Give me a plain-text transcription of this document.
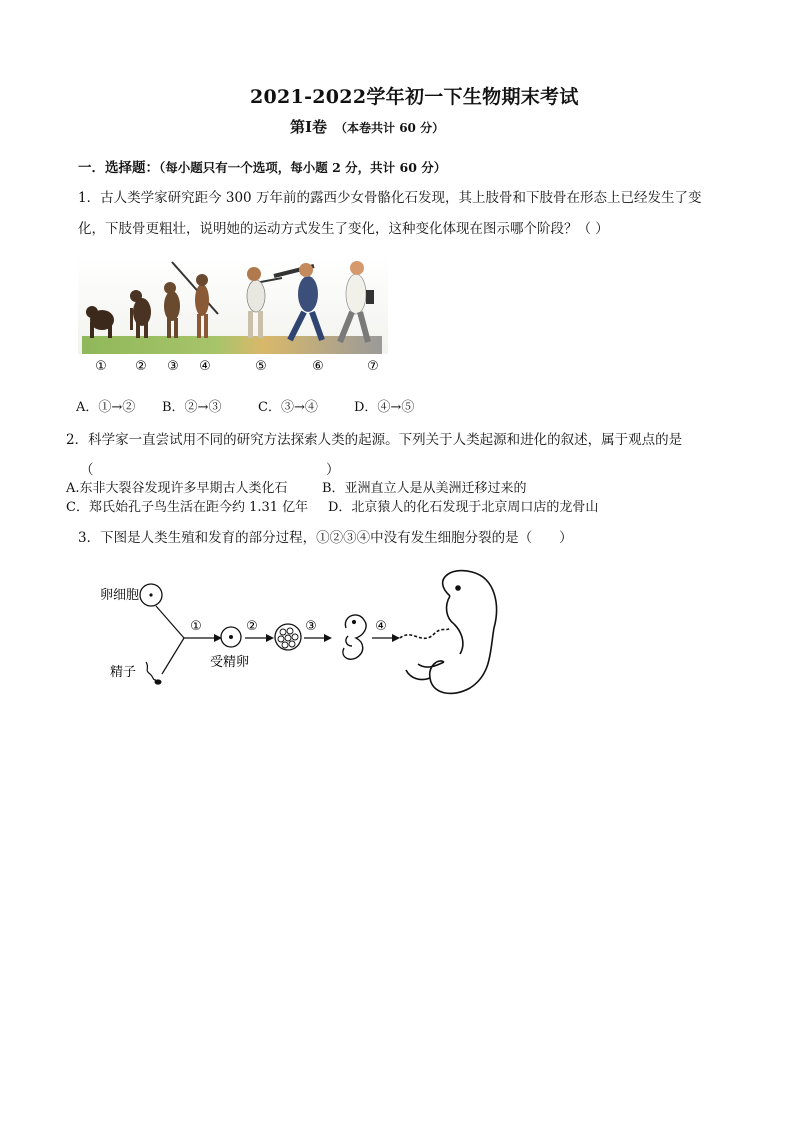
2021-2022学年初一下生物期末考试
第Ⅰ卷 （本卷共计 60 分）
一．选择题：（每小题只有一个选项，每小题 2 分，共计 60 分）
1．古人类学家研究距今 300 万年前的露西少女骨骼化石发现，其上肢骨和下肢骨在形态上已经发生了变
化，下肢骨更粗壮，说明她的运动方式发生了变化，这种变化体现在图示哪个阶段？（ ）
① ② ③ ④	⑤	⑥	⑦
A．①→② B．②→③	C．③→④	D．④→⑤
2．科学家一直尝试用不同的研究方法探索人类的起源。下列关于人类起源和进化的叙述，属于观点的是
（	）
A.东非大裂谷发现许多早期古人类化石	B．亚洲直立人是从美洲迁移过来的
C．郑氏始孔子鸟生活在距今约 1.31 亿年 D．北京猿人的化石发现于北京周口店的龙骨山
3．下图是人类生殖和发育的部分过程，①②③④中没有发生细胞分裂的是（　　）
卵细胞
精子
①
受精卵
②	③	④
